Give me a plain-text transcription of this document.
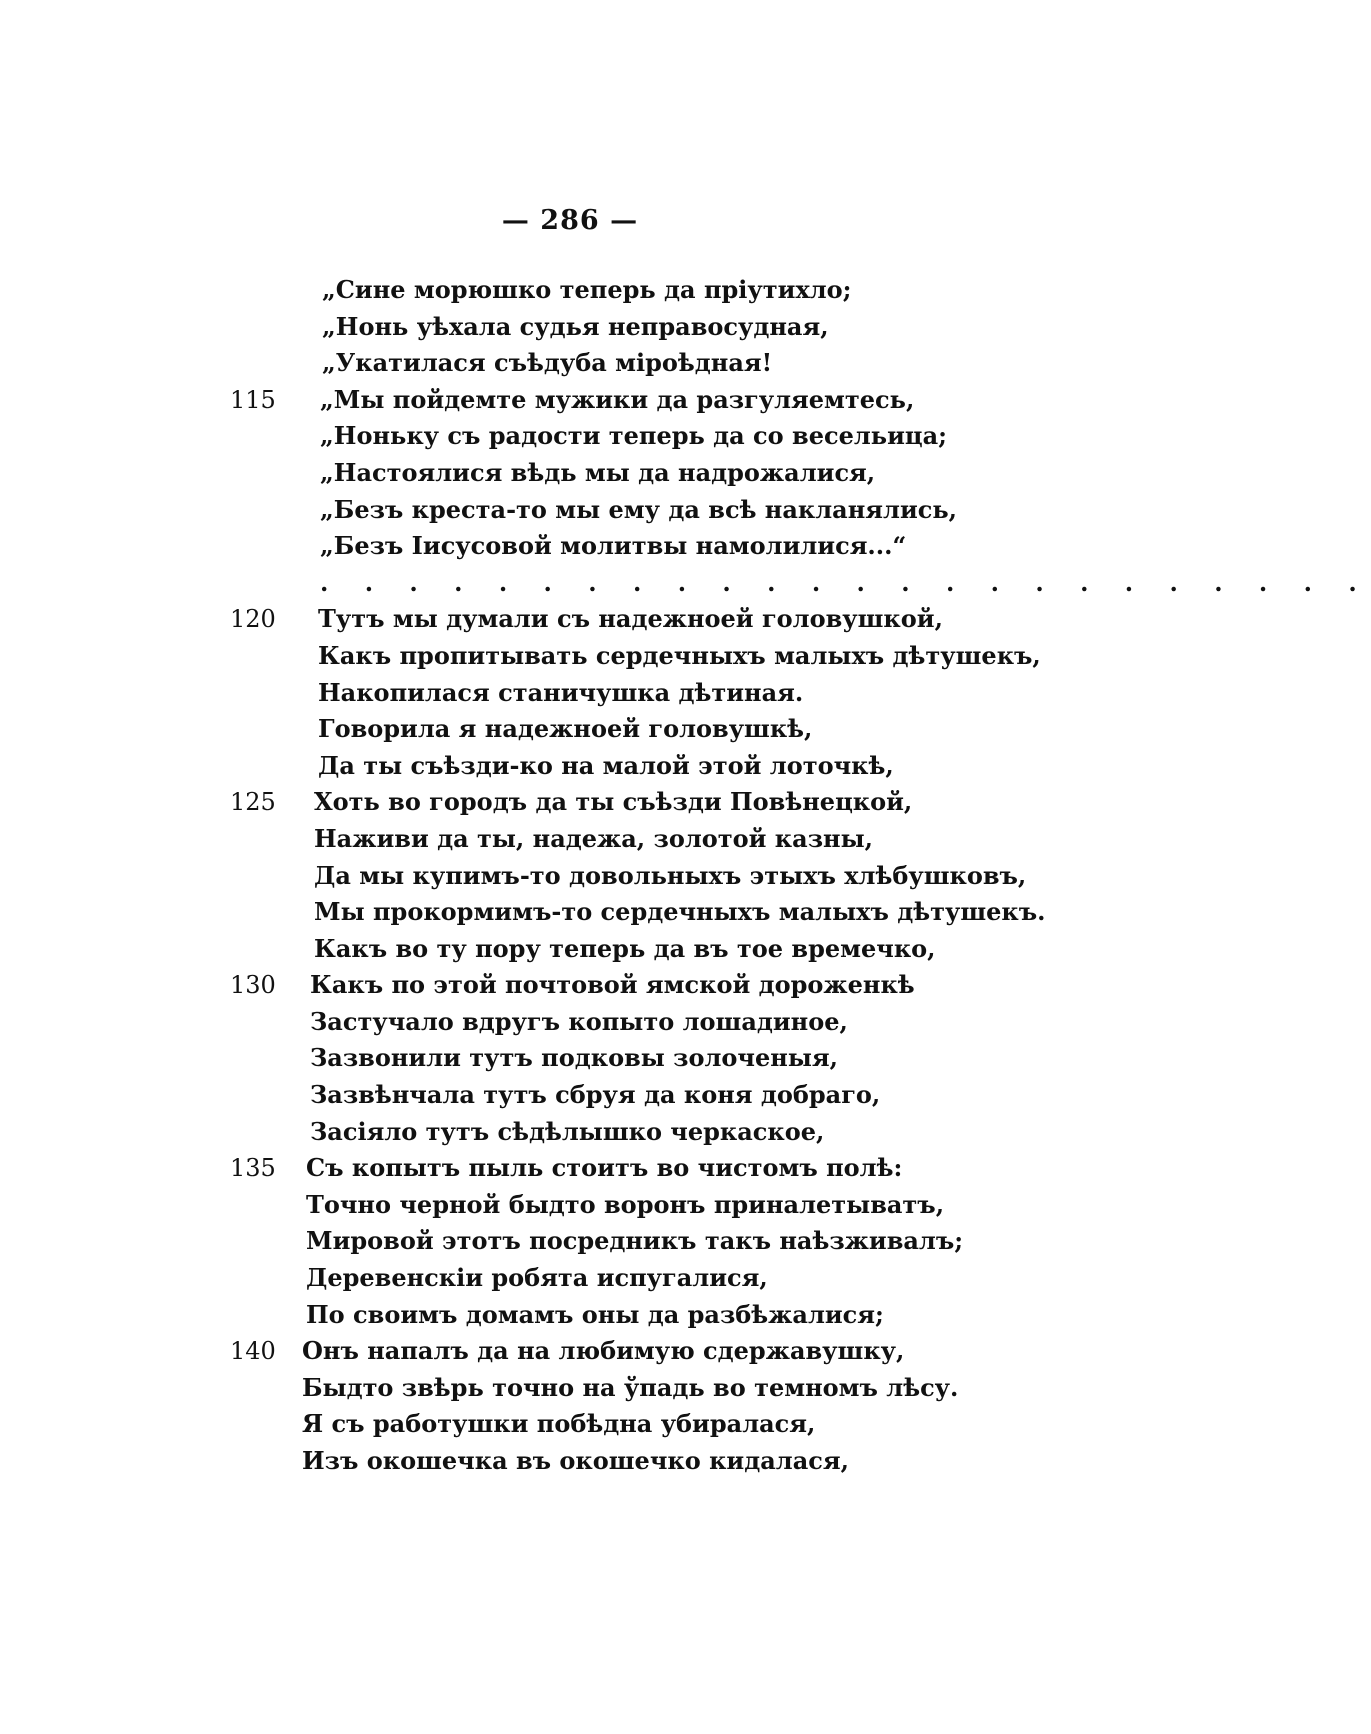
— 286 —
„Сине морюшко теперь да пріутихло;
„Нонь уѣхала судья неправосудная,
„Укатилася съѣдуба міроѣдная!
115	„Мы пойдемте мужики да разгуляемтесь,
„Ноньку съ радости теперь да со весельица;
„Настоялися вѣдь мы да надрожалися,
„Безъ креста-то мы ему да всѣ накланялись,
„Безъ Іисусовой молитвы намолилися...“
. . . . . . . . . . . . . . . . . . . . . . . .
120	Тутъ мы думали съ надежноей головушкой,
Какъ пропитывать сердечныхъ малыхъ дѣтушекъ,
Накопилася станичушка дѣтиная.
Говорила я надежноей головушкѣ,
Да ты съѣзди-ко на малой этой лоточкѣ,
125	Хоть во городъ да ты съѣзди Повѣнецкой,
Наживи да ты, надежа, золотой казны,
Да мы купимъ-то довольныхъ этыхъ хлѣбушковъ,
Мы прокормимъ-то сердечныхъ малыхъ дѣтушекъ.
Какъ во ту пору теперь да въ тое времечко,
130	Какъ по этой почтовой ямской дороженкѣ
Застучало вдругъ копыто лошадиное,
Зазвонили тутъ подковы золоченыя,
Зазвѣнчала тутъ сбруя да коня добраго,
Засіяло тутъ сѣдѣлышко черкаское,
135	Съ копытъ пыль стоитъ во чистомъ полѣ:
Точно черной быдто воронъ приналетыватъ,
Мировой этотъ посредникъ такъ наѣзживалъ;
Деревенскіи робята испугалися,
По своимъ домамъ оны да разбѣжалися;
140	Онъ напалъ да на любимую сдержавушку,
Быдто звѣрь точно на ўпадь во темномъ лѣсу.
Я съ работушки побѣдна убиралася,
Изъ окошечка въ окошечко кидалася,
